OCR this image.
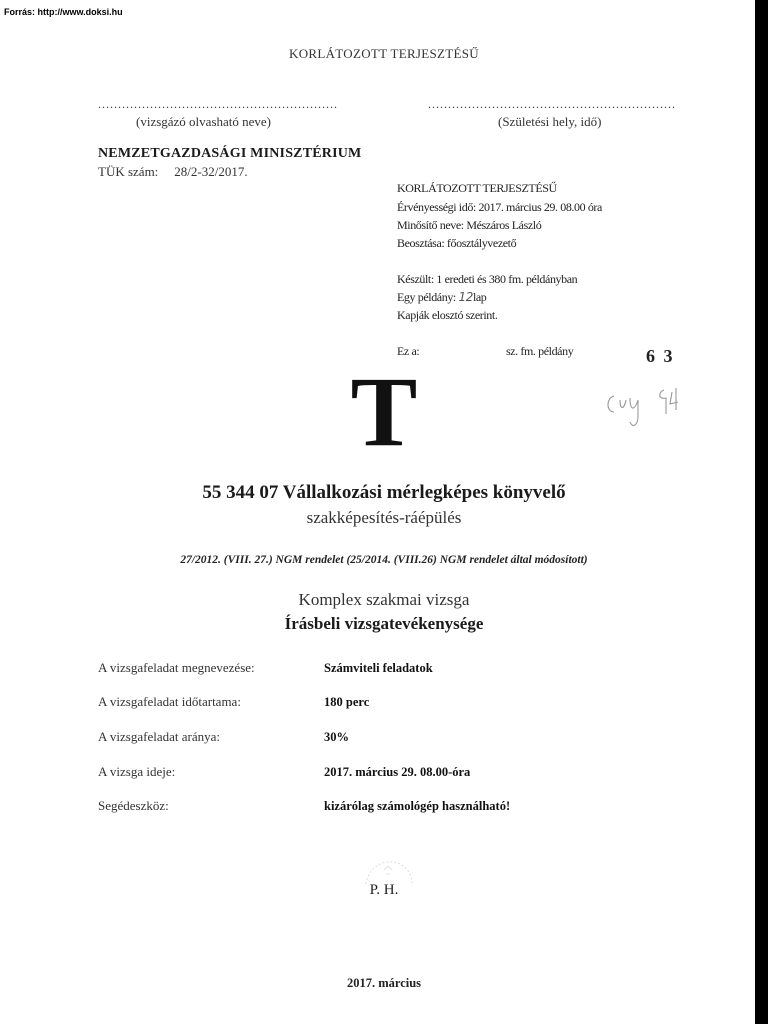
Forrás: http://www.doksi.hu
KORLÁTOZOTT TERJESZTÉSŰ
............................................................
(vizsgázó olvasható neve)
..............................................................
(Születési hely, idő)
NEMZETGAZDASÁGI MINISZTÉRIUM
TÜK szám: 28/2-32/2017.
KORLÁTOZOTT TERJESZTÉSŰ
Érvényességi idő: 2017. március 29. 08.00 óra
Minősítő neve: Mészáros László
Beosztása: főosztályvezető
Készült: 1 eredeti és 380 fm. példányban
Egy példány: 12lap
Kapják elosztó szerint.
Ez a:	sz. fm. példány	6 3
T
55 344 07 Vállalkozási mérlegképes könyvelő
szakképesítés-ráépülés
27/2012. (VIII. 27.) NGM rendelet (25/2014. (VIII.26) NGM rendelet által módosított)
Komplex szakmai vizsga
Írásbeli vizsgatevékenysége
A vizsgafeladat megnevezése:	Számviteli feladatok
A vizsgafeladat időtartama:	180 perc
A vizsgafeladat aránya:	30%
A vizsga ideje:	2017. március 29. 08.00-óra
Segédeszköz:	kizárólag számológép használható!
P. H.
2017. március
